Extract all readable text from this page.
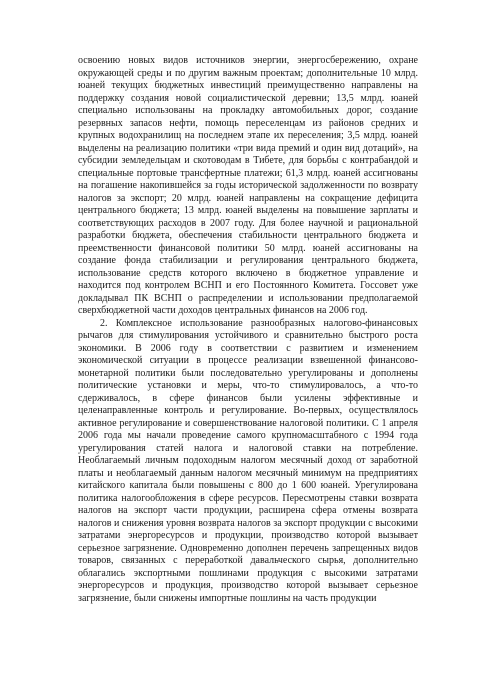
освоению новых видов источников энергии, энергосбережению, охране окружающей среды и по другим важным проектам; дополнительные 10 млрд. юаней текущих бюджетных инвестиций преимущественно направлены на поддержку создания новой социалистической деревни; 13,5 млрд. юаней специально использованы на прокладку автомобильных дорог, создание резервных запасов нефти, помощь переселенцам из районов средних и крупных водохранилищ на последнем этапе их переселения; 3,5 млрд. юаней выделены на реализацию политики «три вида премий и один вид дотаций», на субсидии земледельцам и скотоводам в Тибете, для борьбы с контрабандой и специальные портовые трансфертные платежи; 61,3 млрд. юаней ассигнованы на погашение накопившейся за годы исторической задолженности по возврату налогов за экспорт; 20 млрд. юаней направлены на сокращение дефицита центрального бюджета; 13 млрд. юаней выделены на повышение зарплаты и соответствующих расходов в 2007 году. Для более научной и рациональной разработки бюджета, обеспечения стабильности центрального бюджета и преемственности финансовой политики 50 млрд. юаней ассигнованы на создание фонда стабилизации и регулирования центрального бюджета, использование средств которого включено в бюджетное управление и находится под контролем ВСНП и его Постоянного Комитета. Госсовет уже докладывал ПК ВСНП о распределении и использовании предполагаемой сверхбюджетной части доходов центральных финансов на 2006 год.

2. Комплексное использование разнообразных налогово-финансовых рычагов для стимулирования устойчивого и сравнительно быстрого роста экономики. В 2006 году в соответствии с развитием и изменением экономической ситуации в процессе реализации взвешенной финансово-монетарной политики были последовательно урегулированы и дополнены политические установки и меры, что-то стимулировалось, а что-то сдерживалось, в сфере финансов были усилены эффективные и целенаправленные контроль и регулирование. Во-первых, осуществлялось активное регулирование и совершенствование налоговой политики. С 1 апреля 2006 года мы начали проведение самого крупномасштабного с 1994 года урегулирования статей налога и налоговой ставки на потребление. Необлагаемый личным подоходным налогом месячный доход от заработной платы и необлагаемый данным налогом месячный минимум на предприятиях китайского капитала были повышены с 800 до 1 600 юаней. Урегулирована политика налогообложения в сфере ресурсов. Пересмотрены ставки возврата налогов на экспорт части продукции, расширена сфера отмены возврата налогов и снижения уровня возврата налогов за экспорт продукции с высокими затратами энергоресурсов и продукции, производство которой вызывает серьезное загрязнение. Одновременно дополнен перечень запрещенных видов товаров, связанных с переработкой давальческого сырья, дополнительно облагались экспортными пошлинами продукция с высокими затратами энергоресурсов и продукция, производство которой вызывает серьезное загрязнение, были снижены импортные пошлины на часть продукции
